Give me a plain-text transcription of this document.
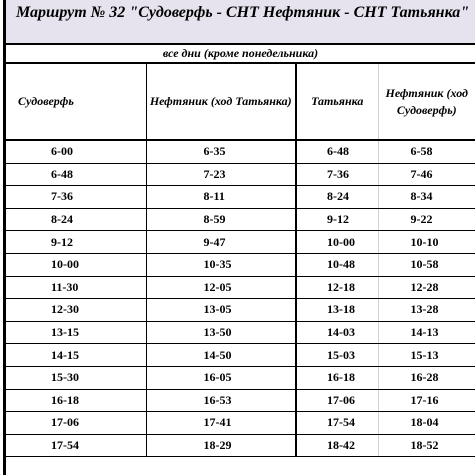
Маршрут № 32 "Судоверфь - СНТ Нефтяник - СНТ Татьянка"
все дни (кроме понедельника)
Судоверфь	Нефтяник (ход Татьянка)	Татьянка	Нефтяник (ход Судоверфь)
6-00	6-35	6-48	6-58
6-48	7-23	7-36	7-46
7-36	8-11	8-24	8-34
8-24	8-59	9-12	9-22
9-12	9-47	10-00	10-10
10-00	10-35	10-48	10-58
11-30	12-05	12-18	12-28
12-30	13-05	13-18	13-28
13-15	13-50	14-03	14-13
14-15	14-50	15-03	15-13
15-30	16-05	16-18	16-28
16-18	16-53	17-06	17-16
17-06	17-41	17-54	18-04
17-54	18-29	18-42	18-52
